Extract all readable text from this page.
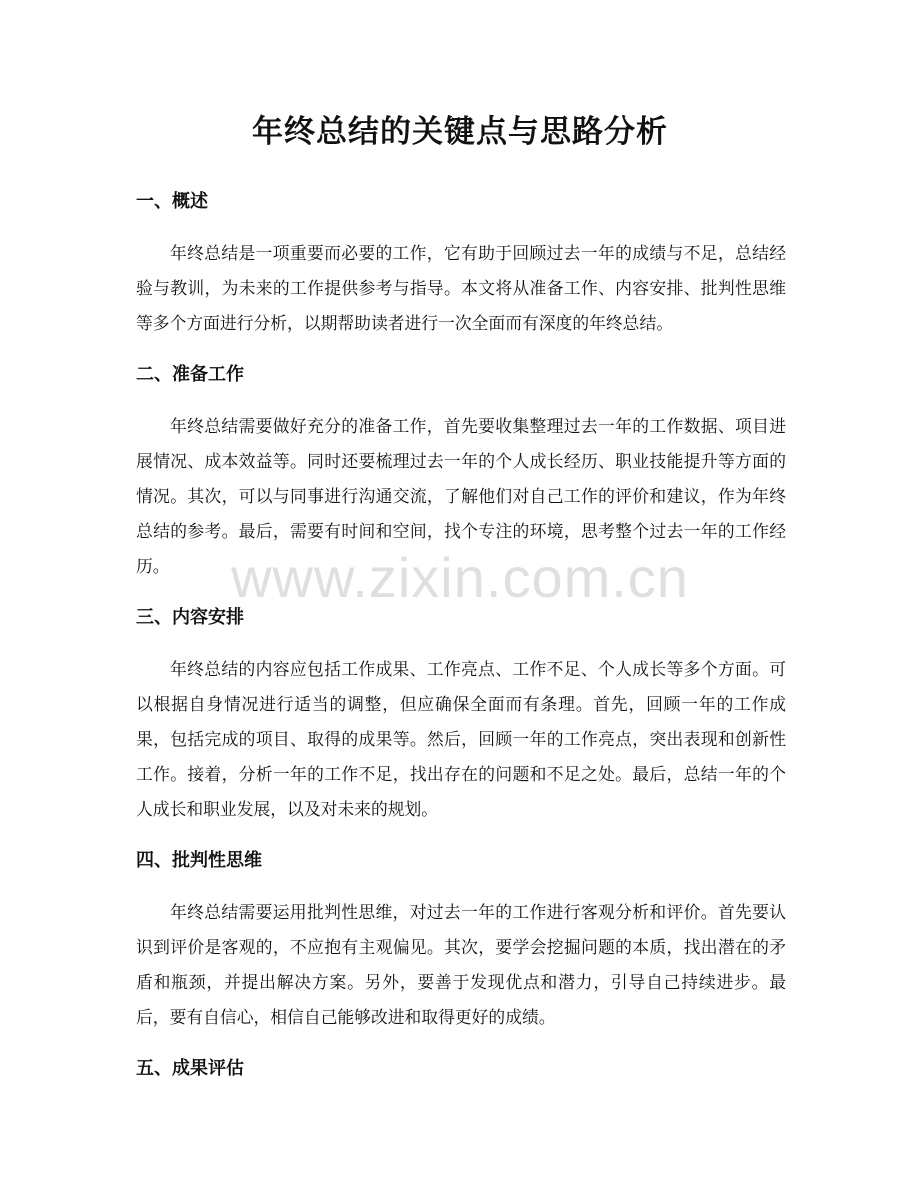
年终总结的关键点与思路分析
一、概述

年终总结是一项重要而必要的工作，它有助于回顾过去一年的成绩与不足，总结经验与教训，为未来的工作提供参考与指导。本文将从准备工作、内容安排、批判性思维等多个方面进行分析，以期帮助读者进行一次全面而有深度的年终总结。

二、准备工作

年终总结需要做好充分的准备工作，首先要收集整理过去一年的工作数据、项目进展情况、成本效益等。同时还要梳理过去一年的个人成长经历、职业技能提升等方面的情况。其次，可以与同事进行沟通交流，了解他们对自己工作的评价和建议，作为年终总结的参考。最后，需要有时间和空间，找个专注的环境，思考整个过去一年的工作经历。

三、内容安排

年终总结的内容应包括工作成果、工作亮点、工作不足、个人成长等多个方面。可以根据自身情况进行适当的调整，但应确保全面而有条理。首先，回顾一年的工作成果，包括完成的项目、取得的成果等。然后，回顾一年的工作亮点，突出表现和创新性工作。接着，分析一年的工作不足，找出存在的问题和不足之处。最后，总结一年的个人成长和职业发展，以及对未来的规划。

四、批判性思维

年终总结需要运用批判性思维，对过去一年的工作进行客观分析和评价。首先要认识到评价是客观的，不应抱有主观偏见。其次，要学会挖掘问题的本质，找出潜在的矛盾和瓶颈，并提出解决方案。另外，要善于发现优点和潜力，引导自己持续进步。最后，要有自信心，相信自己能够改进和取得更好的成绩。

五、成果评估
www.zixin.com.cn
